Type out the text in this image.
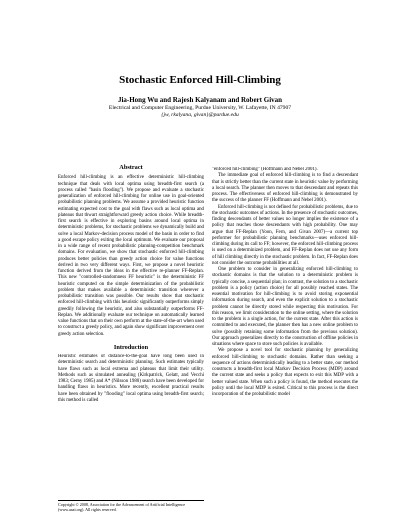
Stochastic Enforced Hill-Climbing
Jia-Hong Wu and Rajesh Kalyanam and Robert Givan
Electrical and Computer Engineering, Purdue University, W. Lafayette, IN 47907
{jw, rkalyana, givan}@purdue.edu
Abstract

Enforced hill-climbing is an effective deterministic hill-climbing technique that deals with local optima using breadth-first search (a process called "basin flooding"). We propose and evaluate a stochastic generalization of enforced hill-climbing for online use in goal-oriented probabilistic planning problems. We assume a provided heuristic function estimating expected cost to the goal with flaws such as local optima and plateaus that thwart straightforward greedy action choice. While breadth-first search is effective in exploring basins around local optima in deterministic problems, for stochastic problems we dynamically build and solve a local Markov-decision process model of the basin in order to find a good escape policy exiting the local optimum. We evaluate our proposal in a wide range of recent probabilistic planning-competition benchmark domains. For evaluation, we show that stochastic enforced hill-climbing produces better policies than greedy action choice for value functions derived in two very different ways. First, we propose a novel heuristic function derived from the ideas in the effective re-planner FF-Replan. This new "controlled-randomness FF heuristic" is the deterministic FF heuristic computed on the simple determinization of the probabilistic problem that makes available a deterministic transition wherever a probabilistic transition was possible. Our results show that stochastic enforced hill-climbing with this heuristic significantly outperforms simply greedily following the heuristic, and also substantially outperforms FF-Replan. We additionally evaluate our technique on automatically learned value functions that on their own perform at the state-of-the-art when used to construct a greedy policy, and again show significant improvement over greedy action selection.

Introduction

Heuristic estimates of distance-to-the-goal have long been used in deterministic search and deterministic planning. Such estimates typically have flaws such as local extrema and plateaus that limit their utility. Methods such as simulated annealing (Kirkpatrick, Gelatt, and Vecchi 1983; Cerny 1985) and A* (Nilsson 1980) search have been developed for handling flaws in heuristics. More recently, excellent practical results have been obtained by "flooding" local optima using breadth-first search; this method is called

"enforced hill-climbing" (Hoffmann and Nebel 2001).

The immediate goal of enforced hill-climbing is to find a descendant that is strictly better than the current state in heuristic value by performing a local search. The planner then moves to that descendant and repeats this process. The effectiveness of enforced hill-climbing is demonstrated by the success of the planner FF (Hoffmann and Nebel 2001).

Enforced hill-climbing is not defined for probabilistic problems, due to the stochastic outcomes of actions. In the presence of stochastic outcomes, finding descendants of better values no longer implies the existence of a policy that reaches those descendants with high probability. One may argue that FF-Replan (Yoon, Fern, and Givan 2007)—a current top performer for probabilistic planning benchmarks—uses enforced hill-climbing during its call to FF; however, the enforced hill-climbing process is used on a determinized problem, and FF-Replan does not use any form of hill climbing directly in the stochastic problem. In fact, FF-Replan does not consider the outcome probabilities at all.

One problem to consider in generalizing enforced hill-climbing to stochastic domains is that the solution to a deterministic problem is typically concise, a sequential plan; in contrast, the solution to a stochastic problem is a policy (action choice) for all possibly reached states. The essential motivation for hill-climbing is to avoid storing exponential information during search, and even the explicit solution to a stochastic problem cannot be directly stored while respecting this motivation. For this reason, we limit consideration to the online setting, where the solution to the problem is a single action, for the current state. After this action is committed to and executed, the planner then has a new online problem to solve (possibly retaining some information from the previous solution). Our approach generalizes directly to the construction of offline policies in situations where space to store such policies is available.

We propose a novel tool for stochastic planning by generalizing enforced hill-climbing to stochastic domains. Rather than seeking a sequence of actions deterministically leading to a better state, our method constructs a breadth-first local Markov Decision Process (MDP) around the current state and seeks a policy that expects to exit this MDP with a better valued state. When such a policy is found, the method executes the policy until the local MDP is exited. Critical to this process is the direct incorporation of the probabilistic model

Copyright © 2008, Association for the Advancement of Artificial Intelligence (www.aaai.org). All rights reserved.
